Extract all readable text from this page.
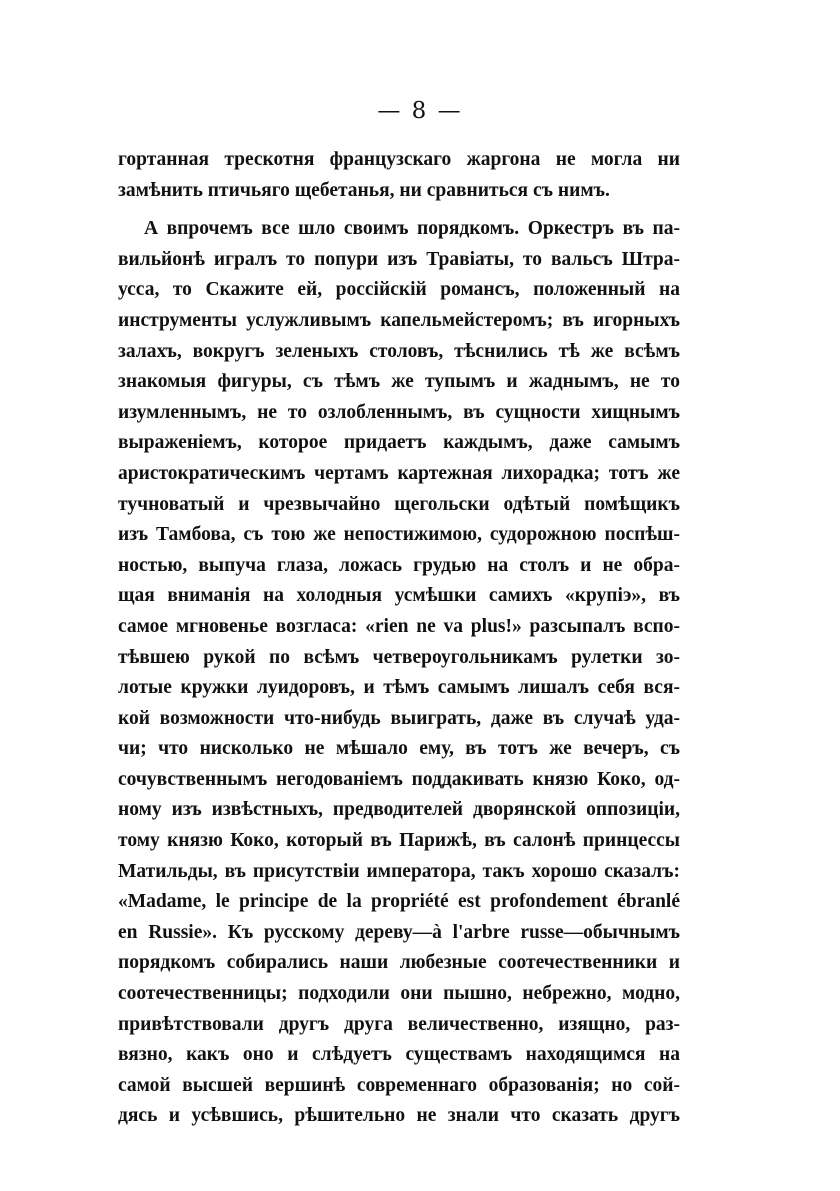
— 8 —
гортанная трескотня французскаго жаргона не могла ни
замѣнить птичьяго щебетанья, ни сравниться съ нимъ.
А впрочемъ все шло своимъ порядкомъ. Оркестръ въ па-
вильйонѣ игралъ то попури изъ Травiаты, то вальсъ Штра-
усса, то Скажите ей, россiйскiй романсъ, положенный на
инструменты услужливымъ капельмейстеромъ; въ игорныхъ
залахъ, вокругъ зеленыхъ столовъ, тѣснились тѣ же всѣмъ
знакомыя фигуры, съ тѣмъ же тупымъ и жаднымъ, не то
изумленнымъ, не то озлобленнымъ, въ сущности хищнымъ
выраженiемъ, которое придаетъ каждымъ, даже самымъ
аристократическимъ чертамъ картежная лихорадка; тотъ же
тучноватый и чрезвычайно щегольски одѣтый помѣщикъ
изъ Тамбова, съ тою же непостижимою, судорожною поспѣш-
ностью, выпуча глаза, ложась грудью на столъ и не обра-
щая вниманiя на холодныя усмѣшки самихъ «крупiэ», въ
самое мгновенье возгласа: «rien ne va plus!» разсыпалъ вспо-
тѣвшею рукой по всѣмъ четвероугольникамъ рулетки зо-
лотые кружки луидоровъ, и тѣмъ самымъ лишалъ себя вся-
кой возможности что-нибудь выиграть, даже въ случаѣ уда-
чи; что нисколько не мѣшало ему, въ тотъ же вечеръ, съ
сочувственнымъ негодованiемъ поддакивать князю Коко, од-
ному изъ извѣстныхъ, предводителей дворянской оппозицiи,
тому князю Коко, который въ Парижѣ, въ салонѣ принцессы
Матильды, въ присутствiи императора, такъ хорошо сказалъ:
«Madame, le principe de la propriété est profondement ébranlé
en Russie». Къ русскому дереву—à l'arbre russe—обычнымъ
порядкомъ собирались наши любезные соотечественники и
соотечественницы; подходили они пышно, небрежно, модно,
привѣтствовали другъ друга величественно, изящно, раз-
вязно, какъ оно и слѣдуетъ существамъ находящимся на
самой высшей вершинѣ современнаго образованiя; но сой-
дясь и усѣвшись, рѣшительно не знали что сказать другъ
